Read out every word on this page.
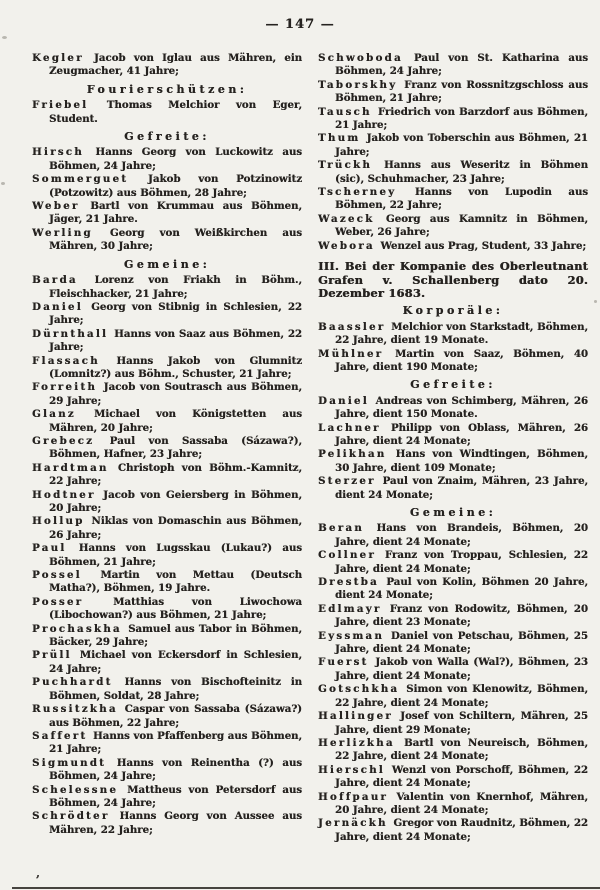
— 147 —

Kegler Jacob von Iglau aus Mähren, ein Zeugmacher, 41 Jahre;

Fourierschützen:

Friebel Thomas Melchior von Eger, Student.

Gefreite:

Hirsch Hanns Georg von Luckowitz aus Böhmen, 24 Jahre;

Sommerguet Jakob von Potzinowitz (Potzowitz) aus Böhmen, 28 Jahre;

Weber Bartl von Krummau aus Böhmen, Jäger, 21 Jahre.

Werling Georg von Weißkirchen aus Mähren, 30 Jahre;

Gemeine:

Barda Lorenz von Friakh in Böhm., Fleischhacker, 21 Jahre;

Daniel Georg von Stibnig in Schlesien, 22 Jahre;

Dürnthall Hanns von Saaz aus Böhmen, 22 Jahre;

Flassach Hanns Jakob von Glumnitz (Lomnitz?) aus Böhm., Schuster, 21 Jahre;

Forreith Jacob von Soutrasch aus Böhmen, 29 Jahre;

Glanz Michael von Königstetten aus Mähren, 20 Jahre;

Grebecz Paul von Sassaba (Sázawa?), Böhmen, Hafner, 23 Jahre;

Hardtman Christoph von Böhm.-Kamnitz, 22 Jahre;

Hodtner Jacob von Geiersberg in Böhmen, 20 Jahre;

Hollup Niklas von Domaschin aus Böhmen, 26 Jahre;

Paul Hanns von Lugsskau (Lukau?) aus Böhmen, 21 Jahre;

Possel Martin von Mettau (Deutsch Matha?), Böhmen, 19 Jahre.

Posser Matthias von Liwochowa (Libochowan?) aus Böhmen, 21 Jahre;

Prochaskha Samuel aus Tabor in Böhmen, Bäcker, 29 Jahre;

Prüll Michael von Eckersdorf in Schlesien, 24 Jahre;

Puchhardt Hanns von Bischofteinitz in Böhmen, Soldat, 28 Jahre;

Russitzkha Caspar von Sassaba (Sázawa?) aus Böhmen, 22 Jahre;

Saffert Hanns von Pfaffenberg aus Böhmen, 21 Jahre;

Sigmundt Hanns von Reinentha (?) aus Böhmen, 24 Jahre;

Schelessne Mattheus von Petersdorf aus Böhmen, 24 Jahre;

Schrödter Hanns Georg von Aussee aus Mähren, 22 Jahre;

Schwoboda Paul von St. Katharina aus Böhmen, 24 Jahre;

Taborskhy Franz von Rossnitzgschloss aus Böhmen, 21 Jahre;

Tausch Friedrich von Barzdorf aus Böhmen, 21 Jahre;

Thum Jakob von Toberschin aus Böhmen, 21 Jahre;

Trückh Hanns aus Weseritz in Böhmen (sic), Schuhmacher, 23 Jahre;

Tscherney Hanns von Lupodin aus Böhmen, 22 Jahre;

Wazeck Georg aus Kamnitz in Böhmen, Weber, 26 Jahre;

Webora Wenzel aus Prag, Student, 33 Jahre;

III. Bei der Kompanie des Oberleutnant Grafen v. Schallenberg dato 20. Dezember 1683.

Korporäle:

Baassler Melchior von Starkstadt, Böhmen, 22 Jahre, dient 19 Monate.

Mühlner Martin von Saaz, Böhmen, 40 Jahre, dient 190 Monate;

Gefreite:

Daniel Andreas von Schimberg, Mähren, 26 Jahre, dient 150 Monate.

Lachner Philipp von Oblass, Mähren, 26 Jahre, dient 24 Monate;

Pelikhan Hans von Windtingen, Böhmen, 30 Jahre, dient 109 Monate;

Sterzer Paul von Znaim, Mähren, 23 Jahre, dient 24 Monate;

Gemeine:

Beran Hans von Brandeis, Böhmen, 20 Jahre, dient 24 Monate;

Collner Franz von Troppau, Schlesien, 22 Jahre, dient 24 Monate;

Drestba Paul von Kolin, Böhmen 20 Jahre, dient 24 Monate;

Edlmayr Franz von Rodowitz, Böhmen, 20 Jahre, dient 23 Monate;

Eyssman Daniel von Petschau, Böhmen, 25 Jahre, dient 24 Monate;

Fuerst Jakob von Walla (Wal?), Böhmen, 23 Jahre, dient 24 Monate;

Gotschkha Simon von Klenowitz, Böhmen, 22 Jahre, dient 24 Monate;

Hallinger Josef von Schiltern, Mähren, 25 Jahre, dient 29 Monate;

Herlizkha Bartl von Neureisch, Böhmen, 22 Jahre, dient 24 Monate;

Hierschl Wenzl von Porschoff, Böhmen, 22 Jahre, dient 24 Monate;

Hoffpaur Valentin von Knernhof, Mähren, 20 Jahre, dient 24 Monate;

Jernäckh Gregor von Raudnitz, Böhmen, 22 Jahre, dient 24 Monate;

,
